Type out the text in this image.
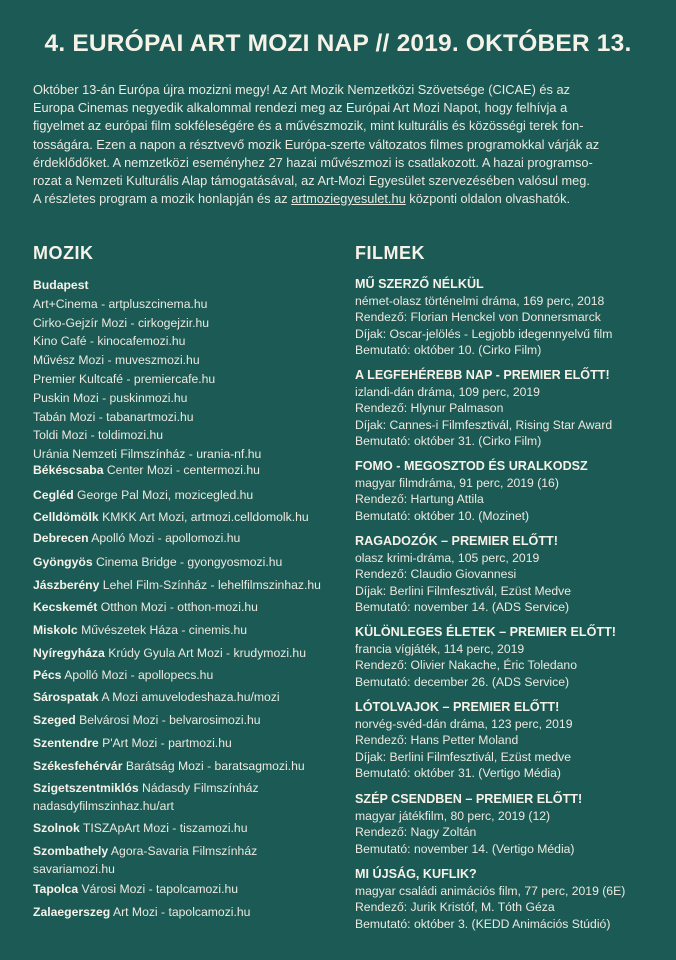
4. EURÓPAI ART MOZI NAP // 2019. OKTÓBER 13.

Október 13-án Európa újra mozizni megy! Az Art Mozik Nemzetközi Szövetsége (CICAE) és az
Europa Cinemas negyedik alkalommal rendezi meg az Európai Art Mozi Napot, hogy felhívja a
figyelmet az európai film sokféleségére és a művészmozik, mint kulturális és közösségi terek fon-
tosságára. Ezen a napon a résztvevő mozik Európa-szerte változatos filmes programokkal várják az
érdeklődőket. A nemzetközi eseményhez 27 hazai művészmozi is csatlakozott. A hazai programso-
rozat a Nemzeti Kulturális Alap támogatásával, az Art-Mozi Egyesület szervezésében valósul meg.
A részletes program a mozik honlapján és az artmoziegyesulet.hu központi oldalon olvashatók.

MOZIK	FILMEK
Budapest
Art+Cinema - artpluszcinema.hu
Cirko-Gejzír Mozi - cirkogejzir.hu
Kino Café - kinocafemozi.hu
Művész Mozi - muveszmozi.hu
Premier Kultcafé - premiercafe.hu
Puskin Mozi - puskinmozi.hu
Tabán Mozi - tabanartmozi.hu
Toldi Mozi - toldimozi.hu
Uránia Nemzeti Filmszínház - urania-nf.hu
Békéscsaba Center Mozi - centermozi.hu
Cegléd George Pal Mozi, mozicegled.hu
Celldömölk KMKK Art Mozi, artmozi.celldomolk.hu
Debrecen Apolló Mozi - apollomozi.hu
Gyöngyös Cinema Bridge - gyongyosmozi.hu
Jászberény Lehel Film-Színház - lehelfilmszinhaz.hu
Kecskemét Otthon Mozi - otthon-mozi.hu
Miskolc Művészetek Háza - cinemis.hu
Nyíregyháza Krúdy Gyula Art Mozi - krudymozi.hu
Pécs Apolló Mozi - apollopecs.hu
Sárospatak A Mozi amuvelodeshaza.hu/mozi
Szeged Belvárosi Mozi - belvarosimozi.hu
Szentendre P'Art Mozi - partmozi.hu
Székesfehérvár Barátság Mozi - baratsagmozi.hu
Szigetszentmiklós Nádasdy Filmszínház
nadasdyfilmszinhaz.hu/art
Szolnok TISZApArt Mozi - tiszamozi.hu
Szombathely Agora-Savaria Filmszínház
savariamozi.hu
Tapolca Városi Mozi - tapolcamozi.hu
Zalaegerszeg Art Mozi - tapolcamozi.hu
MŰ SZERZŐ NÉLKÜL
német-olasz történelmi dráma, 169 perc, 2018
Rendező: Florian Henckel von Donnersmarck
Díjak: Oscar-jelölés - Legjobb idegennyelvű film
Bemutató: október 10. (Cirko Film)
A LEGFEHÉREBB NAP - PREMIER ELŐTT!
izlandi-dán dráma, 109 perc, 2019
Rendező: Hlynur Palmason
Díjak: Cannes-i Filmfesztivál, Rising Star Award
Bemutató: október 31. (Cirko Film)
FOMO - MEGOSZTOD ÉS URALKODSZ
magyar filmdráma, 91 perc, 2019 (16)
Rendező: Hartung Attila
Bemutató: október 10. (Mozinet)
RAGADOZÓK – PREMIER ELŐTT!
olasz krimi-dráma, 105 perc, 2019
Rendező: Claudio Giovannesi
Díjak: Berlini Filmfesztivál, Ezüst Medve
Bemutató: november 14. (ADS Service)
KÜLÖNLEGES ÉLETEK – PREMIER ELŐTT!
francia vígjáték, 114 perc, 2019
Rendező: Olivier Nakache, Éric Toledano
Bemutató: december 26. (ADS Service)
LÓTOLVAJOK – PREMIER ELŐTT!
norvég-svéd-dán dráma, 123 perc, 2019
Rendező: Hans Petter Moland
Díjak: Berlini Filmfesztivál, Ezüst medve
Bemutató: október 31. (Vertigo Média)
SZÉP CSENDBEN – PREMIER ELŐTT!
magyar játékfilm, 80 perc, 2019 (12)
Rendező: Nagy Zoltán
Bemutató: november 14. (Vertigo Média)
MI ÚJSÁG, KUFLIK?
magyar családi animációs film, 77 perc, 2019 (6E)
Rendező: Jurik Kristóf, M. Tóth Géza
Bemutató: október 3. (KEDD Animációs Stúdió)
